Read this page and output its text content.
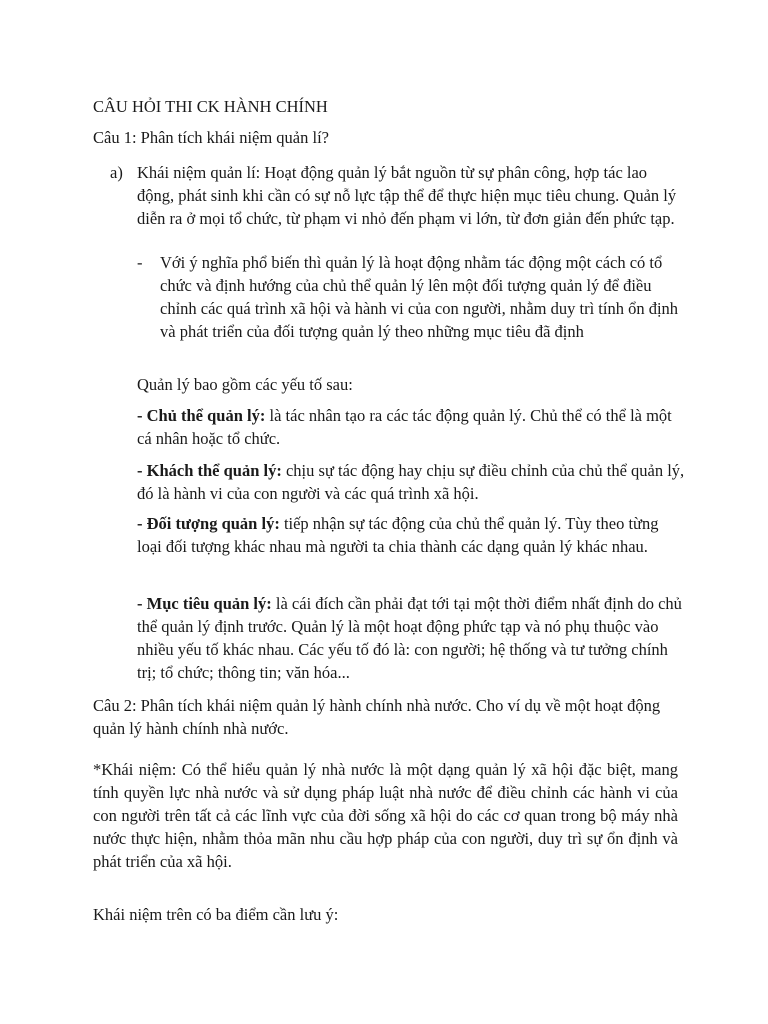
CÂU HỎI THI CK HÀNH CHÍNH

Câu 1: Phân tích khái niệm quản lí?

a) Khái niệm quản lí: Hoạt động quản lý bắt nguồn từ sự phân công, hợp tác lao động, phát sinh khi cần có sự nỗ lực tập thể để thực hiện mục tiêu chung. Quản lý diễn ra ở mọi tổ chức, từ phạm vi nhỏ đến phạm vi lớn, từ đơn giản đến phức tạp.
- Với ý nghĩa phổ biến thì quản lý là hoạt động nhằm tác động một cách có tổ chức và định hướng của chủ thể quản lý lên một đối tượng quản lý để điều chỉnh các quá trình xã hội và hành vi của con người, nhằm duy trì tính ổn định và phát triển của đối tượng quản lý theo những mục tiêu đã định

Quản lý bao gồm các yếu tố sau:

- Chủ thể quản lý: là tác nhân tạo ra các tác động quản lý. Chủ thể có thể là một cá nhân hoặc tổ chức.

- Khách thể quản lý: chịu sự tác động hay chịu sự điều chỉnh của chủ thể quản lý, đó là hành vi của con người và các quá trình xã hội.

- Đối tượng quản lý: tiếp nhận sự tác động của chủ thể quản lý. Tùy theo từng loại đối tượng khác nhau mà người ta chia thành các dạng quản lý khác nhau.

- Mục tiêu quản lý: là cái đích cần phải đạt tới tại một thời điểm nhất định do chủ thể quản lý định trước. Quản lý là một hoạt động phức tạp và nó phụ thuộc vào nhiều yếu tố khác nhau. Các yếu tố đó là: con người; hệ thống và tư tưởng chính trị; tổ chức; thông tin; văn hóa...

Câu 2: Phân tích khái niệm quản lý hành chính nhà nước. Cho ví dụ về một hoạt động quản lý hành chính nhà nước.

*Khái niệm: Có thể hiểu quản lý nhà nước là một dạng quản lý xã hội đặc biệt, mang tính quyền lực nhà nước và sử dụng pháp luật nhà nước để điều chỉnh các hành vi của con người trên tất cả các lĩnh vực của đời sống xã hội do các cơ quan trong bộ máy nhà nước thực hiện, nhằm thỏa mãn nhu cầu hợp pháp của con người, duy trì sự ổn định và phát triển của xã hội.

Khái niệm trên có ba điểm cần lưu ý:
